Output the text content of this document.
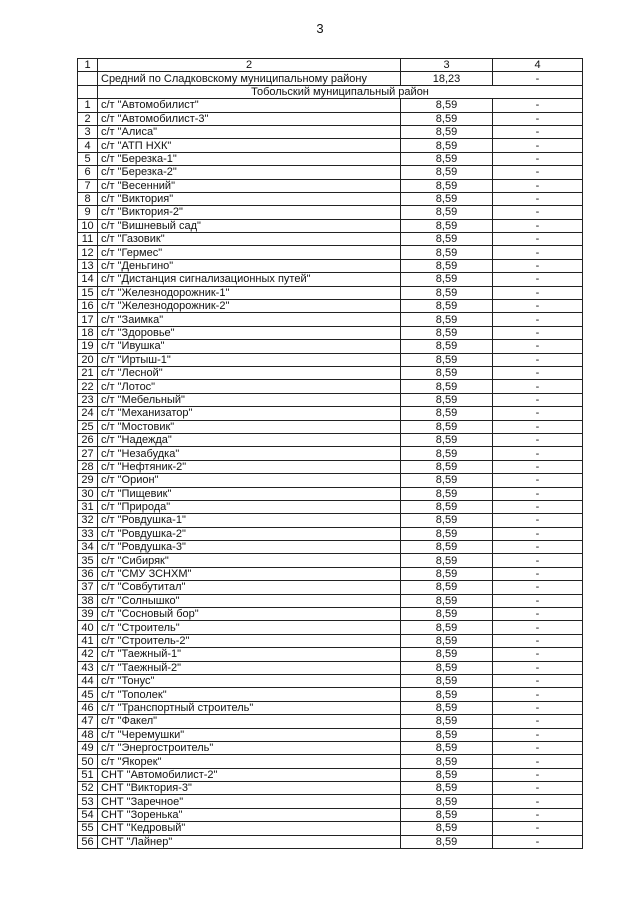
3
1	2	3	4
	Средний по Сладковскому муниципальному району	18,23	-
	Тобольский муниципальный район		
1	с/т "Автомобилист"	8,59	-
2	с/т "Автомобилист-3"	8,59	-
3	с/т "Алиса"	8,59	-
4	с/т "АТП НХК"	8,59	-
5	с/т "Березка-1"	8,59	-
6	с/т "Березка-2"	8,59	-
7	с/т "Весенний"	8,59	-
8	с/т "Виктория"	8,59	-
9	с/т "Виктория-2"	8,59	-
10	с/т "Вишневый сад"	8,59	-
11	с/т "Газовик"	8,59	-
12	с/т "Гермес"	8,59	-
13	с/т "Деньгино"	8,59	-
14	с/т "Дистанция сигнализационных путей"	8,59	-
15	с/т "Железнодорожник-1"	8,59	-
16	с/т "Железнодорожник-2"	8,59	-
17	с/т "Заимка"	8,59	-
18	с/т "Здоровье"	8,59	-
19	с/т "Ивушка"	8,59	-
20	с/т "Иртыш-1"	8,59	-
21	с/т "Лесной"	8,59	-
22	с/т "Лотос"	8,59	-
23	с/т "Мебельный"	8,59	-
24	с/т "Механизатор"	8,59	-
25	с/т "Мостовик"	8,59	-
26	с/т "Надежда"	8,59	-
27	с/т "Незабудка"	8,59	-
28	с/т "Нефтяник-2"	8,59	-
29	с/т "Орион"	8,59	-
30	с/т "Пищевик"	8,59	-
31	с/т "Природа"	8,59	-
32	с/т "Ровдушка-1"	8,59	-
33	с/т "Ровдушка-2"	8,59	-
34	с/т "Ровдушка-3"	8,59	-
35	с/т "Сибиряк"	8,59	-
36	с/т "СМУ ЗСНХМ"	8,59	-
37	с/т "Совбутитал"	8,59	-
38	с/т "Солнышко"	8,59	-
39	с/т "Сосновый бор"	8,59	-
40	с/т "Строитель"	8,59	-
41	с/т "Строитель-2"	8,59	-
42	с/т "Таежный-1"	8,59	-
43	с/т "Таежный-2"	8,59	-
44	с/т "Тонус"	8,59	-
45	с/т "Тополек"	8,59	-
46	с/т "Транспортный строитель"	8,59	-
47	с/т "Факел"	8,59	-
48	с/т "Черемушки"	8,59	-
49	с/т "Энергостроитель"	8,59	-
50	с/т "Якорек"	8,59	-
51	СНТ "Автомобилист-2"	8,59	-
52	СНТ "Виктория-3"	8,59	-
53	СНТ "Заречное"	8,59	-
54	СНТ "Зоренька"	8,59	-
55	СНТ "Кедровый"	8,59	-
56	СНТ "Лайнер"	8,59	-
